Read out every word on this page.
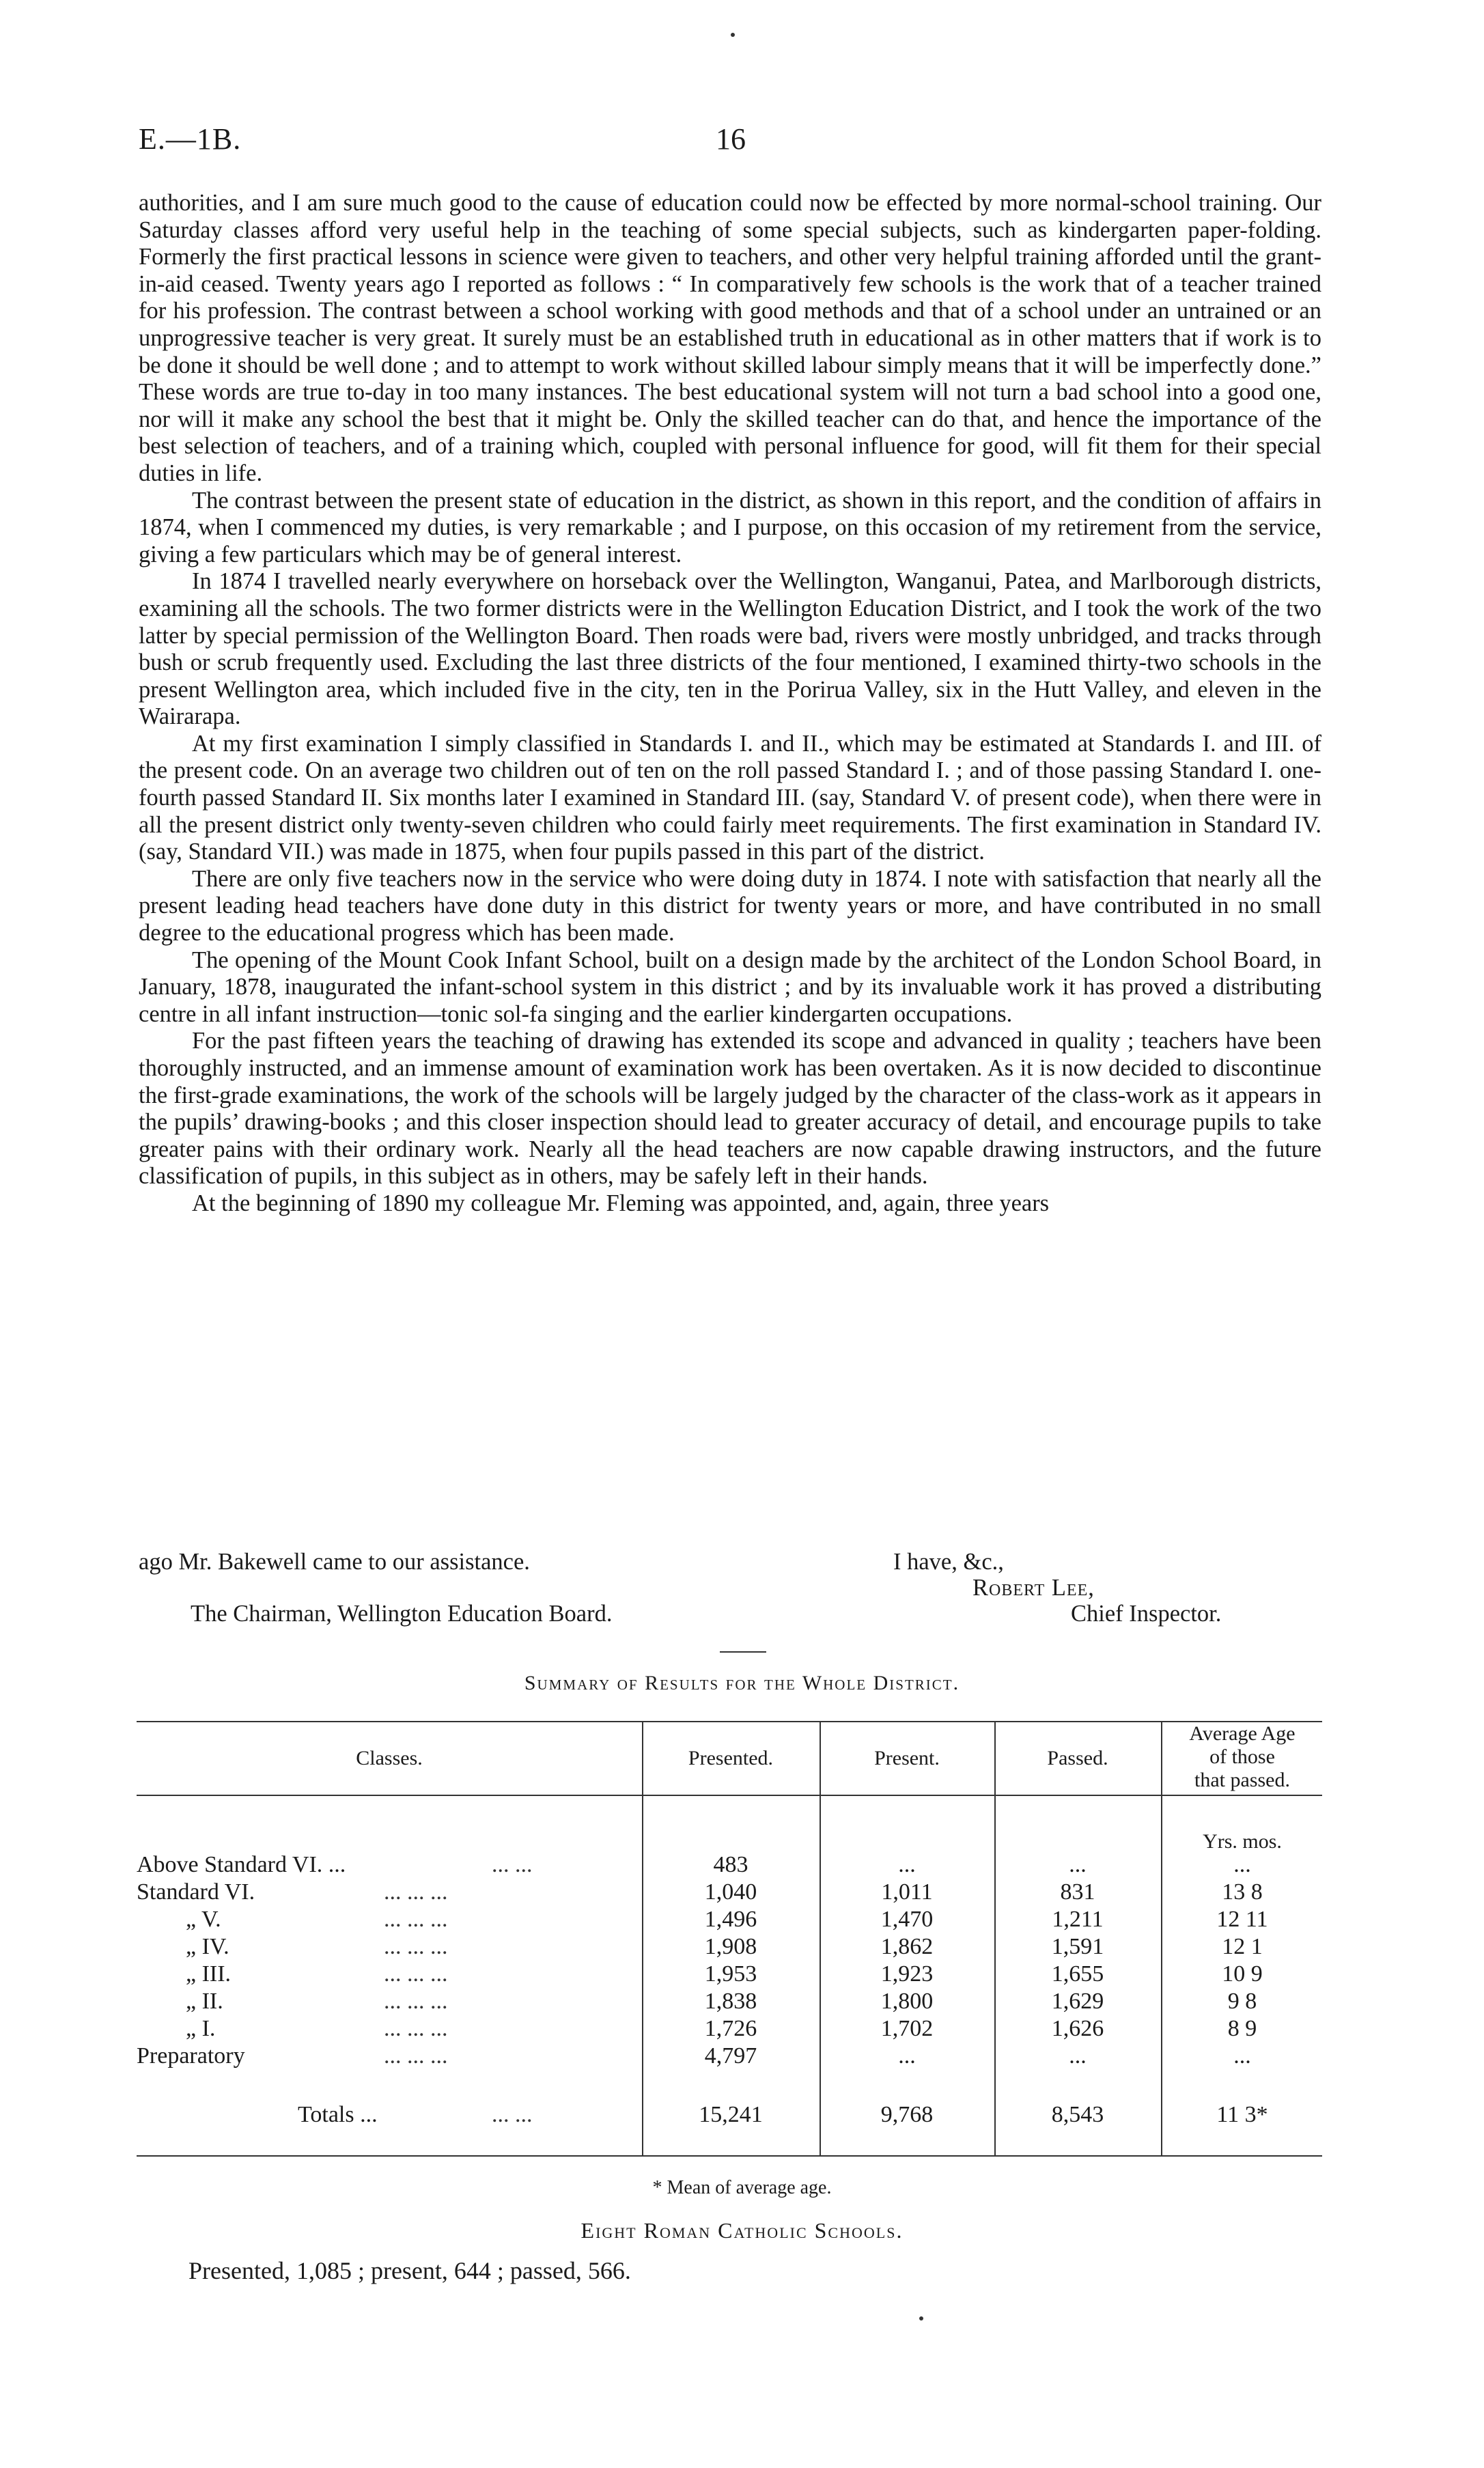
E.—1B.	16

authorities, and I am sure much good to the cause of education could now be effected by more normal-school training. Our Saturday classes afford very useful help in the teaching of some special subjects, such as kindergarten paper-folding. Formerly the first practical lessons in science were given to teachers, and other very helpful training afforded until the grant-in-aid ceased. Twenty years ago I reported as follows : “ In comparatively few schools is the work that of a teacher trained for his profession. The contrast between a school working with good methods and that of a school under an untrained or an unprogressive teacher is very great. It surely must be an established truth in educational as in other matters that if work is to be done it should be well done ; and to attempt to work without skilled labour simply means that it will be imperfectly done.” These words are true to-day in too many instances. The best educational system will not turn a bad school into a good one, nor will it make any school the best that it might be. Only the skilled teacher can do that, and hence the importance of the best selection of teachers, and of a training which, coupled with personal influence for good, will fit them for their special duties in life.

The contrast between the present state of education in the district, as shown in this report, and the condition of affairs in 1874, when I commenced my duties, is very remarkable ; and I purpose, on this occasion of my retirement from the service, giving a few particulars which may be of general interest.

In 1874 I travelled nearly everywhere on horseback over the Wellington, Wanganui, Patea, and Marlborough districts, examining all the schools. The two former districts were in the Wellington Education District, and I took the work of the two latter by special permission of the Wellington Board. Then roads were bad, rivers were mostly unbridged, and tracks through bush or scrub frequently used. Excluding the last three districts of the four mentioned, I examined thirty-two schools in the present Wellington area, which included five in the city, ten in the Porirua Valley, six in the Hutt Valley, and eleven in the Wairarapa.

At my first examination I simply classified in Standards I. and II., which may be estimated at Standards I. and III. of the present code. On an average two children out of ten on the roll passed Standard I. ; and of those passing Standard I. one-fourth passed Standard II. Six months later I examined in Standard III. (say, Standard V. of present code), when there were in all the present district only twenty-seven children who could fairly meet requirements. The first examination in Standard IV. (say, Standard VII.) was made in 1875, when four pupils passed in this part of the district.

There are only five teachers now in the service who were doing duty in 1874. I note with satisfaction that nearly all the present leading head teachers have done duty in this district for twenty years or more, and have contributed in no small degree to the educational progress which has been made.

The opening of the Mount Cook Infant School, built on a design made by the architect of the London School Board, in January, 1878, inaugurated the infant-school system in this district ; and by its invaluable work it has proved a distributing centre in all infant instruction—tonic sol-fa singing and the earlier kindergarten occupations.

For the past fifteen years the teaching of drawing has extended its scope and advanced in quality ; teachers have been thoroughly instructed, and an immense amount of examination work has been overtaken. As it is now decided to discontinue the first-grade examinations, the work of the schools will be largely judged by the character of the class-work as it appears in the pupils’ drawing-books ; and this closer inspection should lead to greater accuracy of detail, and encourage pupils to take greater pains with their ordinary work. Nearly all the head teachers are now capable drawing instructors, and the future classification of pupils, in this subject as in others, may be safely left in their hands.

At the beginning of 1890 my colleague Mr. Fleming was appointed, and, again, three years

ago Mr. Bakewell came to our assistance.	I have, &c.,
Robert Lee,
The Chairman, Wellington Education Board.	Chief Inspector.
Summary of Results for the Whole District.
Classes.	Presented.	Present.	Passed.
Average Age
of those
that passed.
Yrs. mos.
Above Standard VI. ...	... ...	483	...	...	...
Standard VI.	... ... ...	1,040	1,011	831	13 8
„ V.	... ... ...	1,496	1,470	1,211	12 11
„ IV.	... ... ...	1,908	1,862	1,591	12 1
„ III.	... ... ...	1,953	1,923	1,655	10 9
„ II.	... ... ...	1,838	1,800	1,629	9 8
„ I.	... ... ...	1,726	1,702	1,626	8 9
Preparatory	... ... ...	4,797	...	...	...
Totals ...	... ...	15,241	9,768	8,543	11 3*
* Mean of average age.
Eight Roman Catholic Schools.
Presented, 1,085 ; present, 644 ; passed, 566.
